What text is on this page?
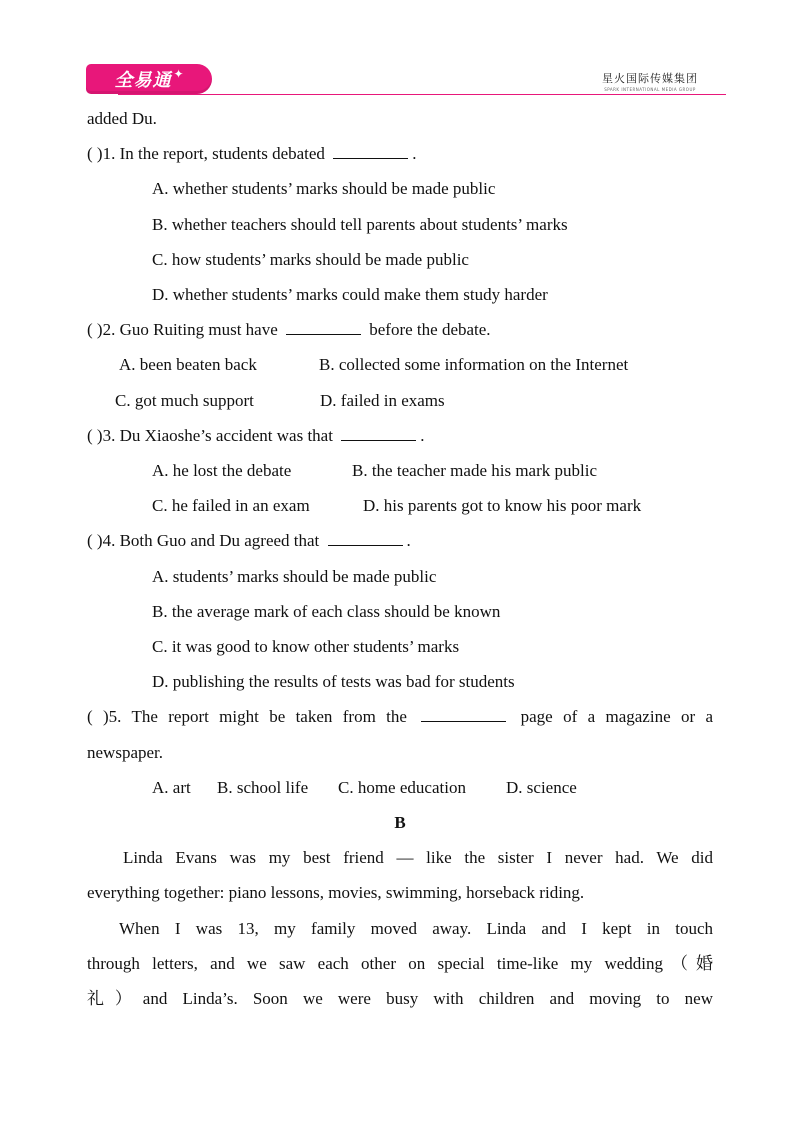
全易通 ✦	星火国际传媒集团
SPARK INTERNATIONAL MEDIA GROUP
added Du.
( )1. In the report, students debated	.
A. whether students’ marks should be made public
B. whether teachers should tell parents about students’ marks
C. how students’ marks should be made public
D. whether students’ marks could make them study harder
( )2. Guo Ruiting must have	before the debate.
A. been beaten back	B. collected some information on the Internet
C. got much support	D. failed in exams
( )3. Du Xiaoshe’s accident was that	.
A. he lost the debate	B. the teacher made his mark public
C. he failed in an exam	D. his parents got to know his poor mark
( )4. Both Guo and Du agreed that	.
A. students’ marks should be made public
B. the average mark of each class should be known
C. it was good to know other students’ marks
D. publishing the results of tests was bad for students
( )5. The report might be taken from the	page of a magazine or a
newspaper.
A. art B. school life C. home education D. science
B
Linda Evans was my best friend — like the sister I never had. We did
everything together: piano lessons, movies, swimming, horseback riding.
When I was 13, my family moved away. Linda and I kept in touch
through letters, and we saw each other on special time-like my wedding（婚
礼）and Linda’s. Soon we were busy with children and moving to new
